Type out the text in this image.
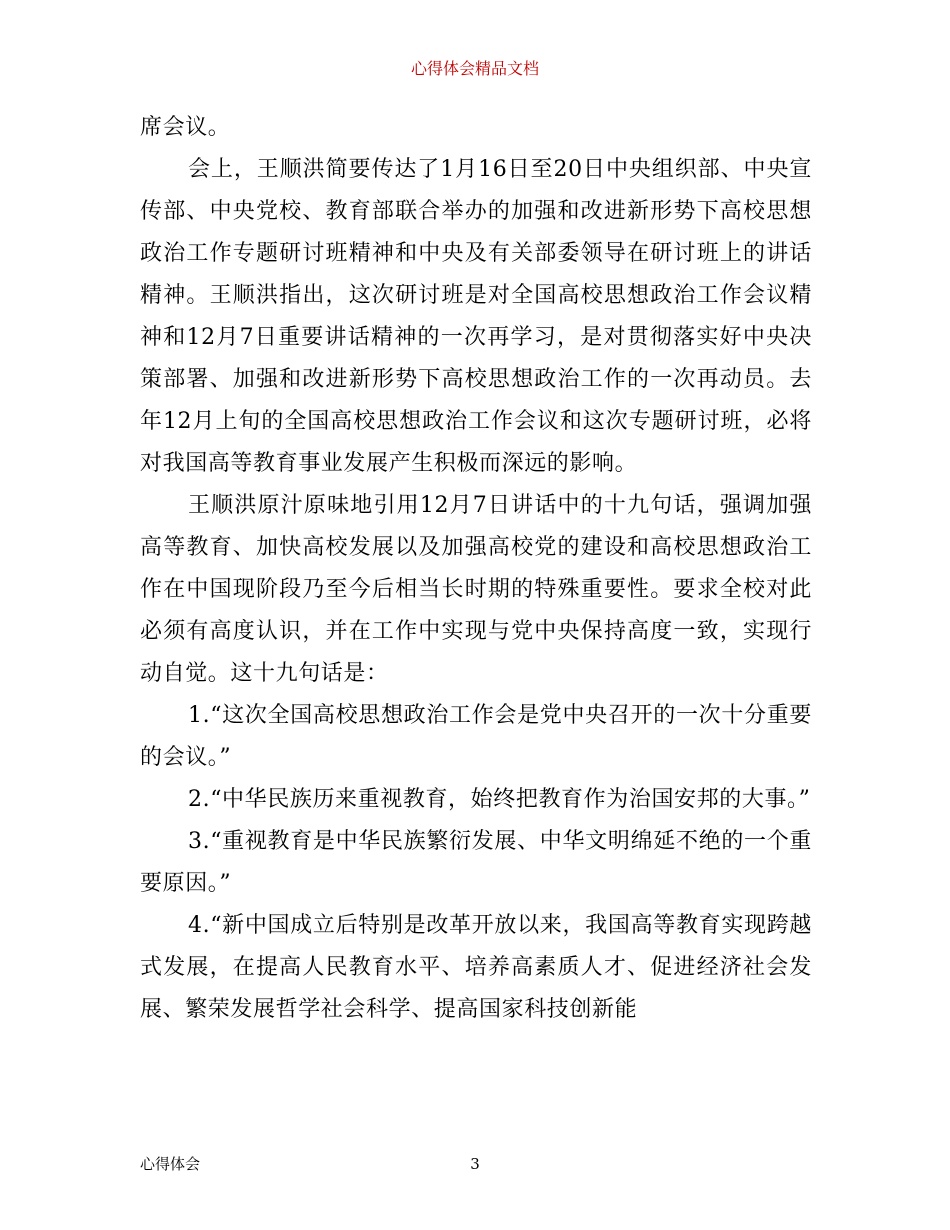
心得体会精品文档

席会议。

会上，王顺洪简要传达了1月16日至20日中央组织部、中央宣传部、中央党校、教育部联合举办的加强和改进新形势下高校思想政治工作专题研讨班精神和中央及有关部委领导在研讨班上的讲话精神。王顺洪指出，这次研讨班是对全国高校思想政治工作会议精神和12月7日重要讲话精神的一次再学习，是对贯彻落实好中央决策部署、加强和改进新形势下高校思想政治工作的一次再动员。去年12月上旬的全国高校思想政治工作会议和这次专题研讨班，必将对我国高等教育事业发展产生积极而深远的影响。

王顺洪原汁原味地引用12月7日讲话中的十九句话，强调加强高等教育、加快高校发展以及加强高校党的建设和高校思想政治工作在中国现阶段乃至今后相当长时期的特殊重要性。要求全校对此必须有高度认识，并在工作中实现与党中央保持高度一致，实现行动自觉。这十九句话是：

1.“这次全国高校思想政治工作会是党中央召开的一次十分重要的会议。”

2.“中华民族历来重视教育，始终把教育作为治国安邦的大事。”

3.“重视教育是中华民族繁衍发展、中华文明绵延不绝的一个重要原因。”

4.“新中国成立后特别是改革开放以来，我国高等教育实现跨越式发展，在提高人民教育水平、培养高素质人才、促进经济社会发展、繁荣发展哲学社会科学、提高国家科技创新能

心得体会	3
